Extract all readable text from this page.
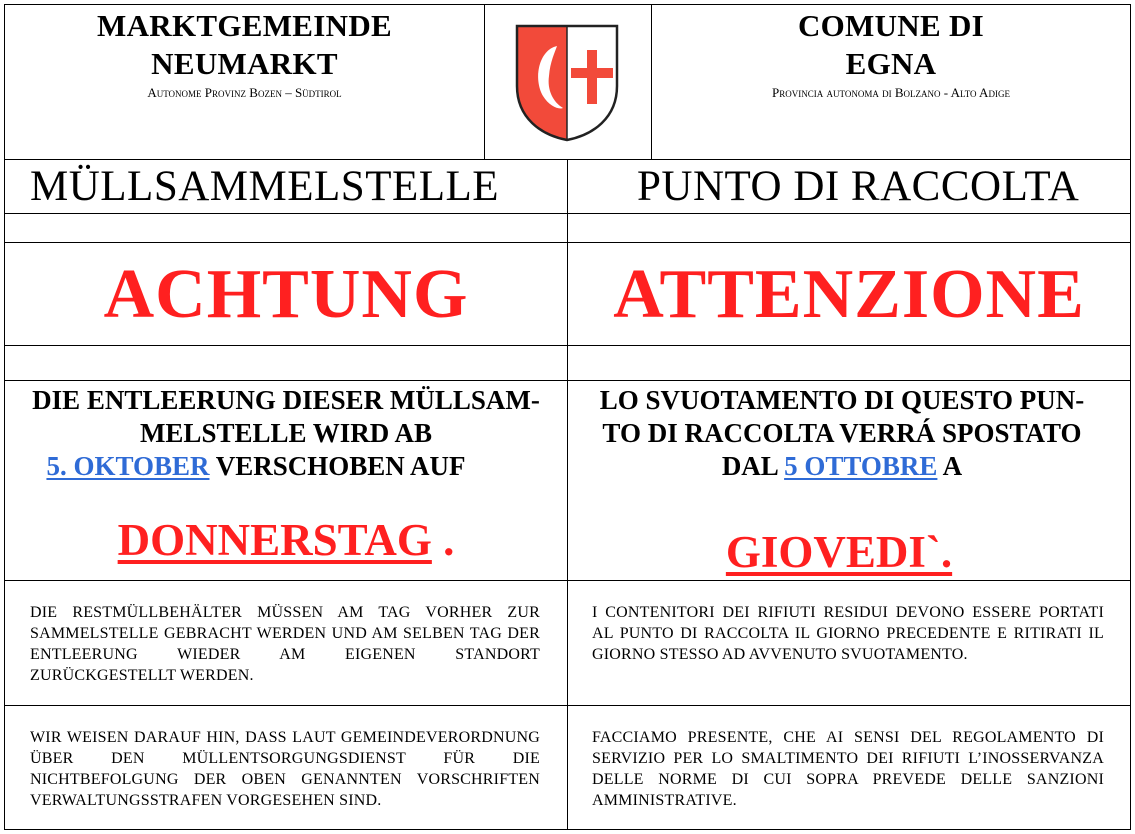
MARKTGEMEINDE
NEUMARKT
Autonome Provinz Bozen – Südtirol
COMUNE DI
EGNA
Provincia autonoma di Bolzano - Alto Adige
MÜLLSAMMELSTELLE	PUNTO DI RACCOLTA
ACHTUNG	ATTENZIONE
DIE ENTLEERUNG DIESER MÜLLSAM-
MELSTELLE WIRD AB
5. OKTOBER VERSCHOBEN AUF
DONNERSTAG .
LO SVUOTAMENTO DI QUESTO PUN-
TO DI RACCOLTA VERRÁ SPOSTATO
DAL 5 OTTOBRE A
GIOVEDI`.
DIE RESTMÜLLBEHÄLTER MÜSSEN AM TAG VORHER ZUR SAMMELSTELLE GEBRACHT WERDEN UND AM SELBEN TAG DER ENTLEERUNG WIEDER AM EIGENEN STANDORT ZURÜCKGESTELLT WERDEN.
I CONTENITORI DEI RIFIUTI RESIDUI DEVONO ESSERE PORTATI AL PUNTO DI RACCOLTA IL GIORNO PRECEDENTE E RITIRATI IL GIORNO STESSO AD AVVENUTO SVUOTAMENTO.
WIR WEISEN DARAUF HIN, DASS LAUT GEMEINDEVERORDNUNG ÜBER DEN MÜLLENTSORGUNGSDIENST FÜR DIE NICHTBEFOLGUNG DER OBEN GENANNTEN VORSCHRIFTEN VERWALTUNGSSTRAFEN VORGESEHEN SIND.
FACCIAMO PRESENTE, CHE AI SENSI DEL REGOLAMENTO DI SERVIZIO PER LO SMALTIMENTO DEI RIFIUTI L’INOSSERVANZA DELLE NORME DI CUI SOPRA PREVEDE DELLE SANZIONI AMMINISTRATIVE.
